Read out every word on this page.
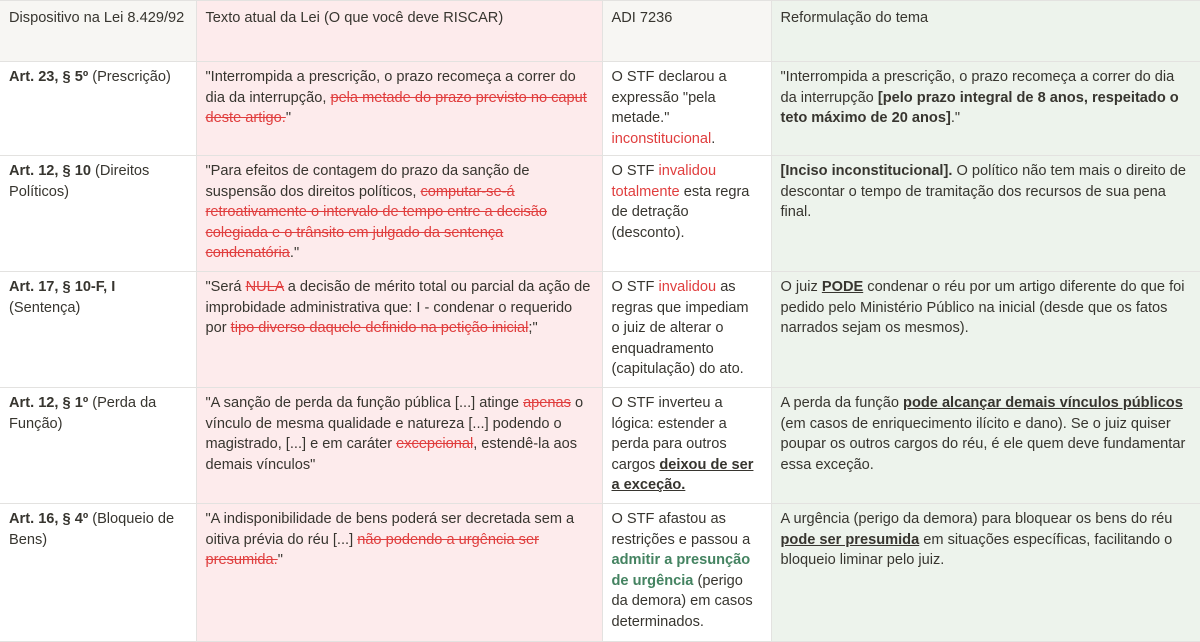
Dispositivo na Lei 8.429/92	Texto atual da Lei (O que você deve RISCAR)	ADI 7236	Reformulação do tema
Art. 23, § 5º (Prescrição)	"Interrompida a prescrição, o prazo recomeça a correr do dia da interrupção, pela metade do prazo previsto no caput deste artigo."	O STF declarou a expressão "pela metade." inconstitucional.	"Interrompida a prescrição, o prazo recomeça a correr do dia da interrupção [pelo prazo integral de 8 anos, respeitado o teto máximo de 20 anos]."
Art. 12, § 10 (Direitos Políticos)	"Para efeitos de contagem do prazo da sanção de suspensão dos direitos políticos, computar-se-á retroativamente o intervalo de tempo entre a decisão colegiada e o trânsito em julgado da sentença condenatória."	O STF invalidou totalmente esta regra de detração (desconto).	[Inciso inconstitucional]. O político não tem mais o direito de descontar o tempo de tramitação dos recursos de sua pena final.
Art. 17, § 10-F, I (Sentença)	"Será NULA a decisão de mérito total ou parcial da ação de improbidade administrativa que: I - condenar o requerido por tipo diverso daquele definido na petição inicial;"	O STF invalidou as regras que impediam o juiz de alterar o enquadramento (capitulação) do ato.	O juiz PODE condenar o réu por um artigo diferente do que foi pedido pelo Ministério Público na inicial (desde que os fatos narrados sejam os mesmos).
Art. 12, § 1º (Perda da Função)	"A sanção de perda da função pública [...] atinge apenas o vínculo de mesma qualidade e natureza [...] podendo o magistrado, [...] e em caráter excepcional, estendê-la aos demais vínculos"	O STF inverteu a lógica: estender a perda para outros cargos deixou de ser a exceção.	A perda da função pode alcançar demais vínculos públicos (em casos de enriquecimento ilícito e dano). Se o juiz quiser poupar os outros cargos do réu, é ele quem deve fundamentar essa exceção.
Art. 16, § 4º (Bloqueio de Bens)	"A indisponibilidade de bens poderá ser decretada sem a oitiva prévia do réu [...] não podendo a urgência ser presumida."	O STF afastou as restrições e passou a admitir a presunção de urgência (perigo da demora) em casos determinados.	A urgência (perigo da demora) para bloquear os bens do réu pode ser presumida em situações específicas, facilitando o bloqueio liminar pelo juiz.
